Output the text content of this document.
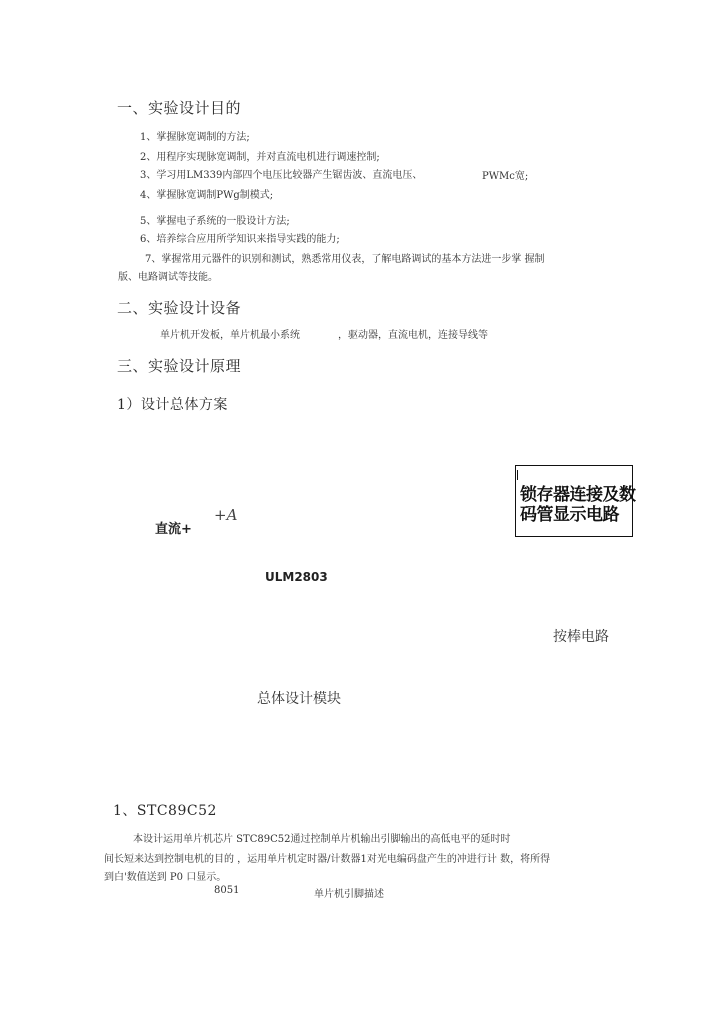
一、实验设计目的
1、掌握脉宽调制的方法;
2、用程序实现脉宽调制，并对直流电机进行调速控制;
3、学习用LM339内部四个电压比较器产生锯齿波、直流电压、	PWMc宽;
4、掌握脉宽调制PWg制模式;
5、掌握电子系统的一股设计方法;
6、培养综合应用所学知识来指导实践的能力;
7、掌握常用元器件的识别和测试，熟悉常用仪表，了解电路调试的基本方法进一步掌 握制
版、电路调试等技能。
二、实验设计设备
单片机开发板，单片机最小系统	，驱动器，直流电机，连接导线等
三、实验设计原理
1）设计总体方案
锁存器连接及数
码管显示电路
直流+
+A
ULM2803
按棒电路
总体设计模块
1、STC89C52
本设计运用单片机芯片 STC89C52通过控制单片机输出引脚输出的高低电平的延时时
间长短来达到控制电机的目的 ，运用单片机定时器/计数器1对光电编码盘产生的冲进行计 数，将所得
到白'数值送到 P0 口显示。
8051	单片机引脚描述
